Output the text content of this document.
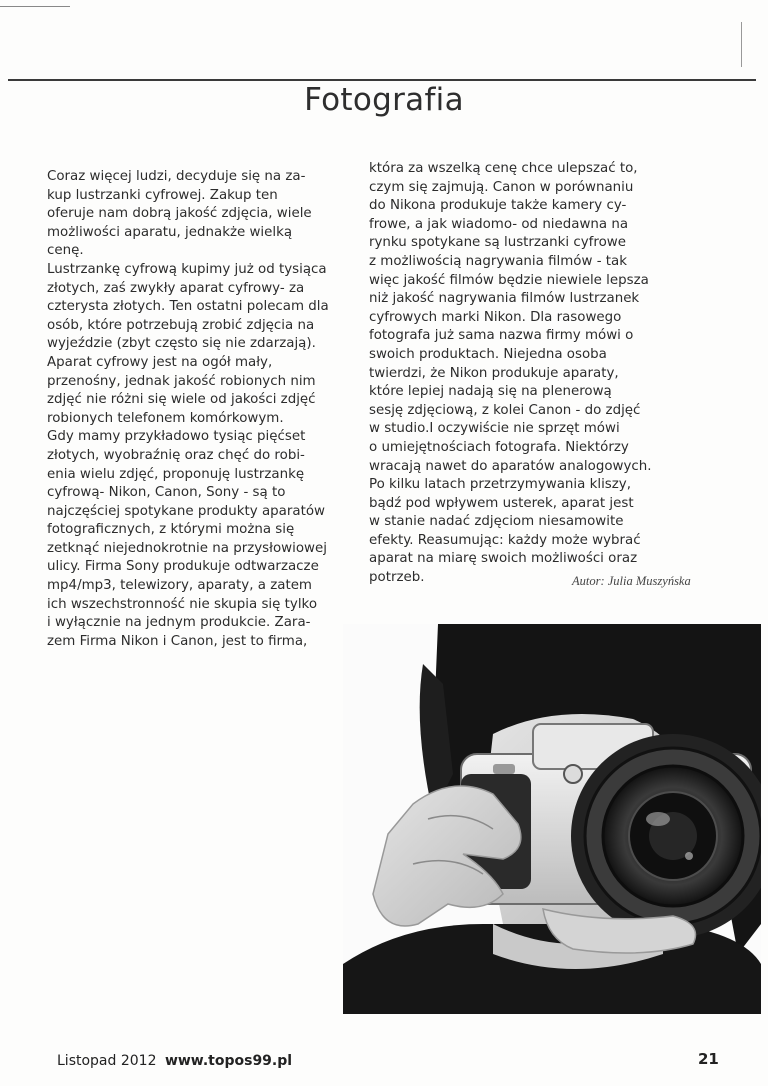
Fotografia
Coraz więcej ludzi, decyduje się na za-
kup lustrzanki cyfrowej. Zakup ten
oferuje nam dobrą jakość zdjęcia, wiele
możliwości aparatu, jednakże wielką
cenę.
Lustrzankę cyfrową kupimy już od tysiąca
złotych, zaś zwykły aparat cyfrowy- za
czterysta złotych. Ten ostatni polecam dla
osób, które potrzebują zrobić zdjęcia na
wyjeździe (zbyt często się nie zdarzają).
Aparat cyfrowy jest na ogół mały,
przenośny, jednak jakość robionych nim
zdjęć nie różni się wiele od jakości zdjęć
robionych telefonem komórkowym.
Gdy mamy przykładowo tysiąc pięćset
złotych, wyobraźnię oraz chęć do robi-
enia wielu zdjęć, proponuję lustrzankę
cyfrową- Nikon, Canon, Sony - są to
najczęściej spotykane produkty aparatów
fotograficznych, z którymi można się
zetknąć niejednokrotnie na przysłowiowej
ulicy. Firma Sony produkuje odtwarzacze
mp4/mp3, telewizory, aparaty, a zatem
ich wszechstronność nie skupia się tylko
i wyłącznie na jednym produkcie. Zara-
zem Firma Nikon i Canon, jest to firma,
która za wszelką cenę chce ulepszać to,
czym się zajmują. Canon w porównaniu
do Nikona produkuje także kamery cy-
frowe, a jak wiadomo- od niedawna na
rynku spotykane są lustrzanki cyfrowe
z możliwością nagrywania filmów - tak
więc jakość filmów będzie niewiele lepsza
niż jakość nagrywania filmów lustrzanek
cyfrowych marki Nikon. Dla rasowego
fotografa już sama nazwa firmy mówi o
swoich produktach. Niejedna osoba
twierdzi, że Nikon produkuje aparaty,
które lepiej nadają się na plenerową
sesję zdjęciową, z kolei Canon - do zdjęć
w studio.I oczywiście nie sprzęt mówi
o umiejętnościach fotografa. Niektórzy
wracają nawet do aparatów analogowych.
Po kilku latach przetrzymywania kliszy,
bądź pod wpływem usterek, aparat jest
w stanie nadać zdjęciom niesamowite
efekty. Reasumując: każdy może wybrać
aparat na miarę swoich możliwości oraz
potrzeb.	Autor: Julia Muszyńska
Listopad 2012 www.topos99.pl	21
